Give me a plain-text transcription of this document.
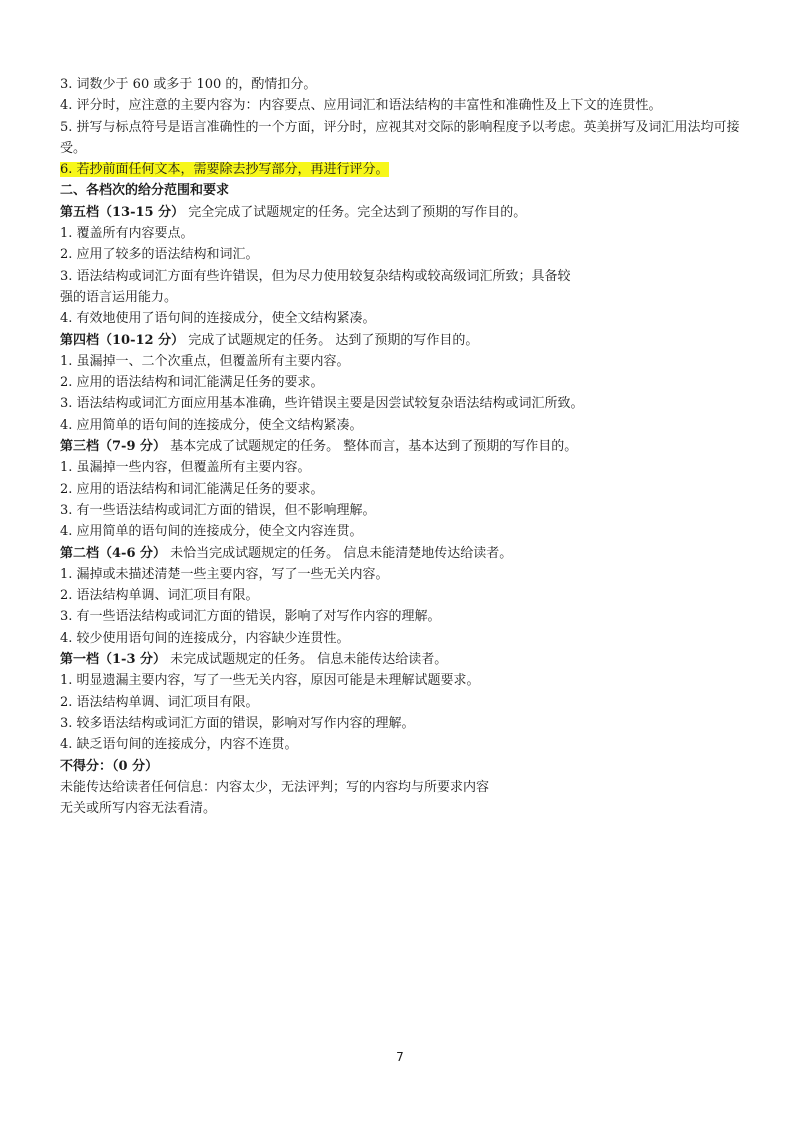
3. 词数少于 60 或多于 100 的，酌情扣分。
4. 评分时，应注意的主要内容为：内容要点、应用词汇和语法结构的丰富性和准确性及上下文的连贯性。
5. 拼写与标点符号是语言准确性的一个方面，评分时，应视其对交际的影响程度予以考虑。英美拼写及词汇用法均可接受。
6. 若抄前面任何文本，需要除去抄写部分，再进行评分。
二、各档次的给分范围和要求
第五档（13-15 分） 完全完成了试题规定的任务。完全达到了预期的写作目的。
1. 覆盖所有内容要点。
2. 应用了较多的语法结构和词汇。
3. 语法结构或词汇方面有些许错误，但为尽力使用较复杂结构或较高级词汇所致；具备较
强的语言运用能力。
4. 有效地使用了语句间的连接成分，使全文结构紧凑。
第四档（10-12 分） 完成了试题规定的任务。 达到了预期的写作目的。
1. 虽漏掉一、二个次重点，但覆盖所有主要内容。
2. 应用的语法结构和词汇能满足任务的要求。
3. 语法结构或词汇方面应用基本准确，些许错误主要是因尝试较复杂语法结构或词汇所致。
4. 应用简单的语句间的连接成分，使全文结构紧凑。
第三档（7-9 分） 基本完成了试题规定的任务。 整体而言，基本达到了预期的写作目的。
1. 虽漏掉一些内容，但覆盖所有主要内容。
2. 应用的语法结构和词汇能满足任务的要求。
3. 有一些语法结构或词汇方面的错误，但不影响理解。
4. 应用简单的语句间的连接成分，使全文内容连贯。
第二档（4-6 分） 未恰当完成试题规定的任务。 信息未能清楚地传达给读者。
1. 漏掉或未描述清楚一些主要内容，写了一些无关内容。
2. 语法结构单调、词汇项目有限。
3. 有一些语法结构或词汇方面的错误，影响了对写作内容的理解。
4. 较少使用语句间的连接成分，内容缺少连贯性。
第一档（1-3 分） 未完成试题规定的任务。 信息未能传达给读者。
1. 明显遗漏主要内容，写了一些无关内容，原因可能是未理解试题要求。
2. 语法结构单调、词汇项目有限。
3. 较多语法结构或词汇方面的错误，影响对写作内容的理解。
4. 缺乏语句间的连接成分，内容不连贯。
不得分：（0 分）
未能传达给读者任何信息：内容太少，无法评判；写的内容均与所要求内容
无关或所写内容无法看清。
7
